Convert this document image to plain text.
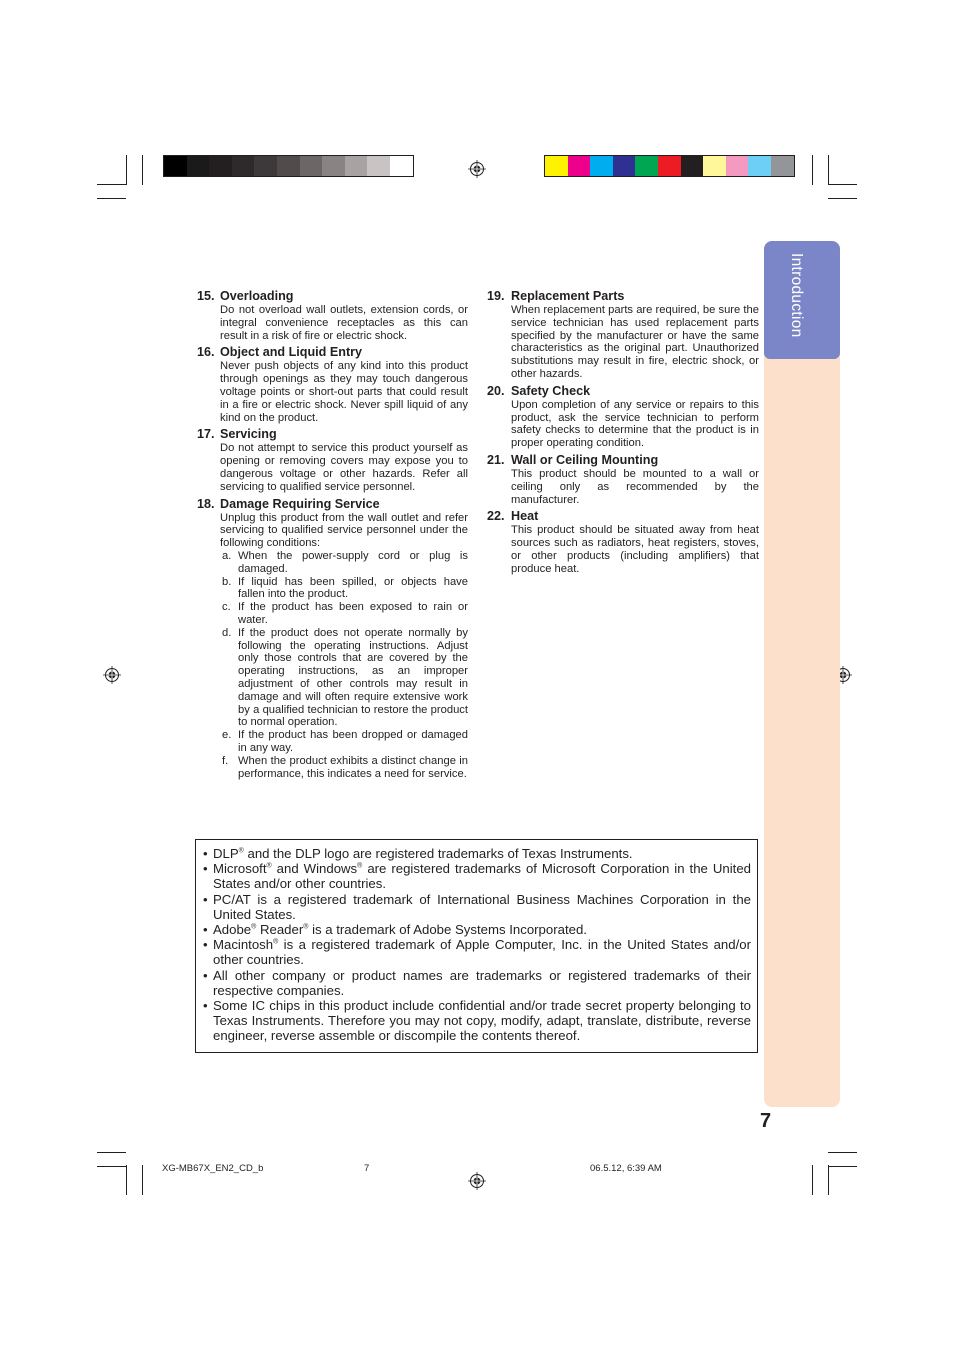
Introduction
7
15. Overloading
Do not overload wall outlets, extension cords, or integral convenience receptacles as this can result in a risk of fire or electric shock.
16. Object and Liquid Entry
Never push objects of any kind into this product through openings as they may touch dangerous voltage points or short-out parts that could result in a fire or electric shock. Never spill liquid of any kind on the product.
17. Servicing
Do not attempt to service this product yourself as opening or removing covers may expose you to dangerous voltage or other hazards. Refer all servicing to qualified service personnel.
18. Damage Requiring Service
Unplug this product from the wall outlet and refer servicing to qualified service personnel under the following conditions:
a. When the power-supply cord or plug is damaged.
b. If liquid has been spilled, or objects have fallen into the product.
c. If the product has been exposed to rain or water.
d. If the product does not operate normally by following the operating instructions. Adjust only those controls that are covered by the operating instructions, as an improper adjustment of other controls may result in damage and will often require extensive work by a qualified technician to restore the product to normal operation.
e. If the product has been dropped or damaged in any way.
f. When the product exhibits a distinct change in performance, this indicates a need for service.
19. Replacement Parts
When replacement parts are required, be sure the service technician has used replacement parts specified by the manufacturer or have the same characteristics as the original part. Unauthorized substitutions may result in fire, electric shock, or other hazards.
20. Safety Check
Upon completion of any service or repairs to this product, ask the service technician to perform safety checks to determine that the product is in proper operating condition.
21. Wall or Ceiling Mounting
This product should be mounted to a wall or ceiling only as recommended by the manufacturer.
22. Heat
This product should be situated away from heat sources such as radiators, heat registers, stoves, or other products (including amplifiers) that produce heat.
• DLP® and the DLP logo are registered trademarks of Texas Instruments.
• Microsoft® and Windows® are registered trademarks of Microsoft Corporation in the United States and/or other countries.
• PC/AT is a registered trademark of International Business Machines Corporation in the United States.
• Adobe® Reader® is a trademark of Adobe Systems Incorporated.
• Macintosh® is a registered trademark of Apple Computer, Inc. in the United States and/or other countries.
• All other company or product names are trademarks or registered trademarks of their respective companies.
• Some IC chips in this product include confidential and/or trade secret property belonging to Texas Instruments. Therefore you may not copy, modify, adapt, translate, distribute, reverse engineer, reverse assemble or discompile the contents thereof.
XG-MB67X_EN2_CD_b	7	06.5.12, 6:39 AM
